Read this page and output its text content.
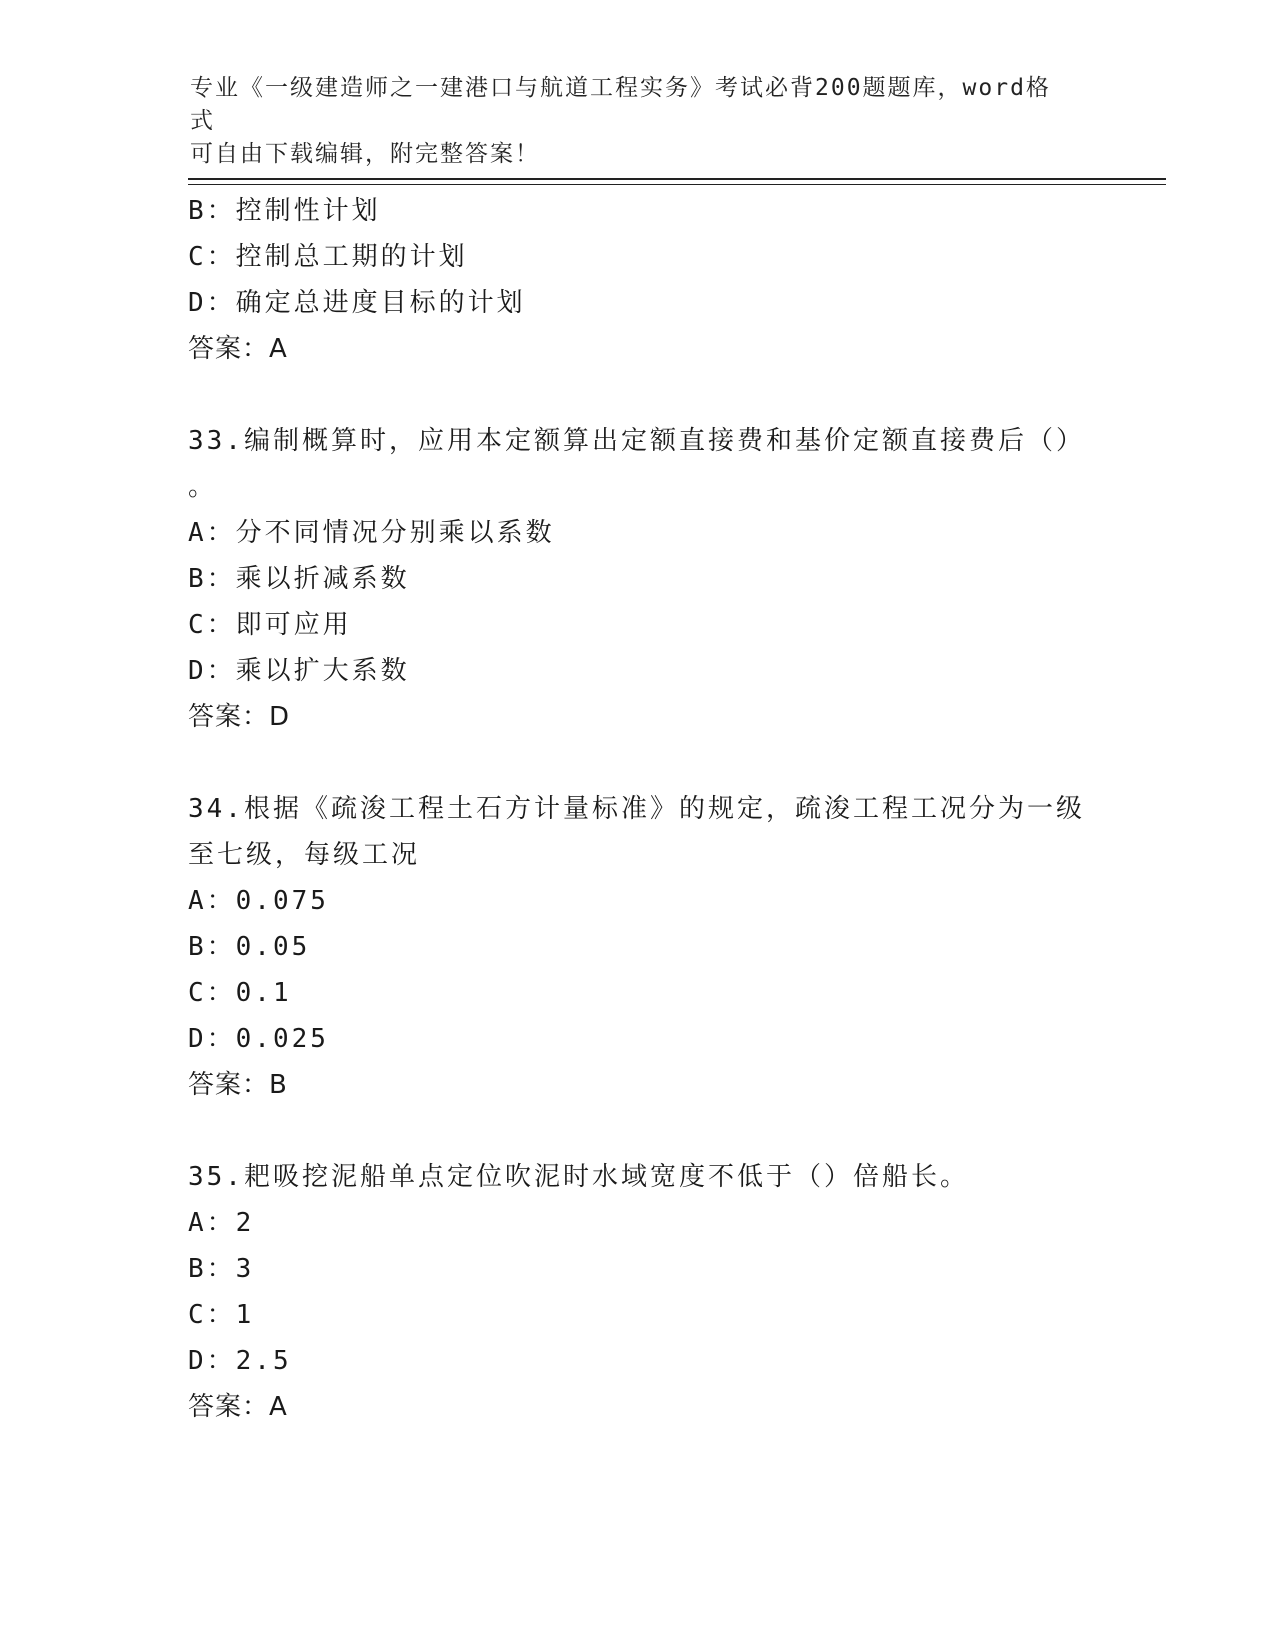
专业《一级建造师之一建港口与航道工程实务》考试必背200题题库，word格式
可自由下载编辑，附完整答案！
B：控制性计划
C：控制总工期的计划
D：确定总进度目标的计划
答案：A
33.编制概算时，应用本定额算出定额直接费和基价定额直接费后（）
。
A：分不同情况分别乘以系数
B：乘以折减系数
C：即可应用
D：乘以扩大系数
答案：D
34.根据《疏浚工程土石方计量标准》的规定，疏浚工程工况分为一级
至七级，每级工况
A：0.075
B：0.05
C：0.1
D：0.025
答案：B
35.耙吸挖泥船单点定位吹泥时水域宽度不低于（）倍船长。
A：2
B：3
C：1
D：2.5
答案：A
